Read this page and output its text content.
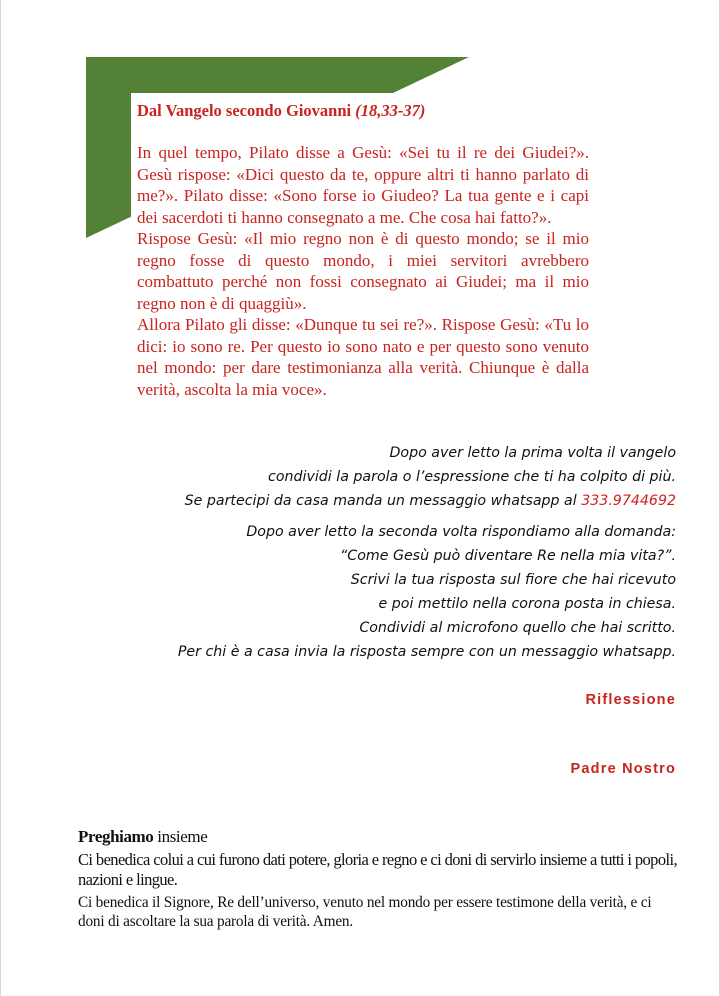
Dal Vangelo secondo Giovanni (18,33-37)

In quel tempo, Pilato disse a Gesù: «Sei tu il re dei Giudei?». Gesù rispose: «Dici questo da te, oppure altri ti hanno parlato di me?». Pilato disse: «Sono forse io Giudeo? La tua gente e i capi dei sacerdoti ti hanno consegnato a me. Che cosa hai fatto?».

Rispose Gesù: «Il mio regno non è di questo mondo; se il mio regno fosse di questo mondo, i miei servitori avrebbero combattuto perché non fossi consegnato ai Giudei; ma il mio regno non è di quaggiù».

Allora Pilato gli disse: «Dunque tu sei re?». Rispose Gesù: «Tu lo dici: io sono re. Per questo io sono nato e per questo sono venuto nel mondo: per dare testimonianza alla verità. Chiunque è dalla verità, ascolta la mia voce».

Dopo aver letto la prima volta il vangelo

condividi la parola o l’espressione che ti ha colpito di più.

Se partecipi da casa manda un messaggio whatsapp al 333.9744692

Dopo aver letto la seconda volta rispondiamo alla domanda:

“Come Gesù può diventare Re nella mia vita?”.

Scrivi la tua risposta sul fiore che hai ricevuto

e poi mettilo nella corona posta in chiesa.

Condividi al microfono quello che hai scritto.

Per chi è a casa invia la risposta sempre con un messaggio whatsapp.

Riflessione
Padre Nostro

Preghiamo insieme

Ci benedica colui a cui furono dati potere, gloria e regno e ci doni di servirlo insieme a tutti i popoli, nazioni e lingue.

Ci benedica il Signore, Re dell’universo, venuto nel mondo per essere testimone della verità, e ci doni di ascoltare la sua parola di verità. Amen.
